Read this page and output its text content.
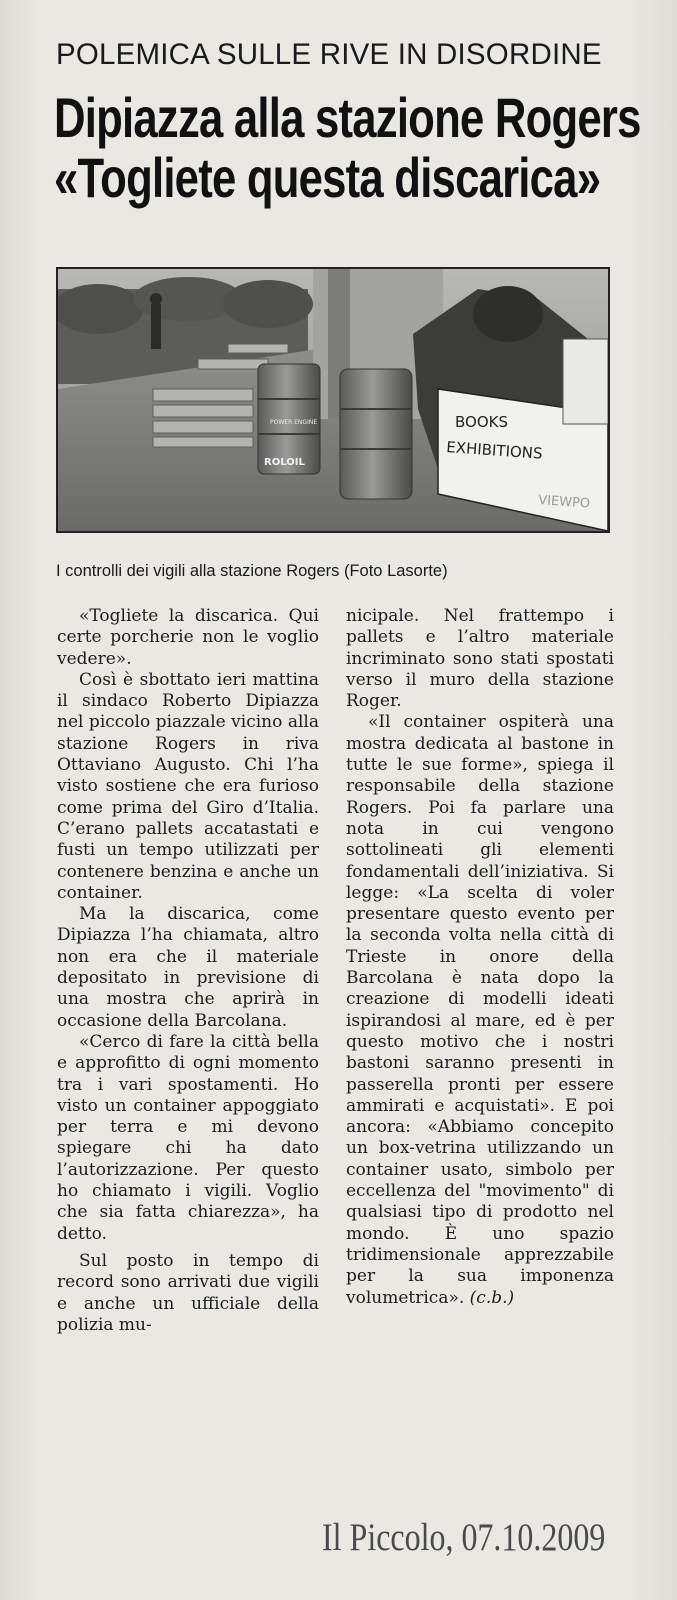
POLEMICA SULLE RIVE IN DISORDINE
Dipiazza alla stazione Rogers
«Toglietе questa discarica»
POWER ENGINE
ROLOIL
BOOKS
EXHIBITIONS
VIEWPO
I controlli dei vigili alla stazione Rogers (Foto Lasorte)

«Togliete la discarica. Qui certe porcherie non le voglio vedere».

Così è sbottato ieri mattina il sindaco Roberto Dipiazza nel piccolo piazzale vicino alla stazione Rogers in riva Ottaviano Augusto. Chi l’ha visto sostiene che era furioso come prima del Giro d’Italia. C’erano pallets accatastati e fusti un tempo utilizzati per contenere benzina e anche un container.

Ma la discarica, come Dipiazza l’ha chiamata, altro non era che il materiale depositato in previsione di una mostra che aprirà in occasione della Barcolana.

«Cerco di fare la città bella e approfitto di ogni momento tra i vari spostamenti. Ho visto un container appoggiato per terra e mi devono spiegare chi ha dato l’autorizzazione. Per questo ho chiamato i vigili. Voglio che sia fatta chiarezza», ha detto.

Sul posto in tempo di record sono arrivati due vigili e anche un ufficiale della polizia mu-

nicipale. Nel frattempo i pallets e l’altro materiale incriminato sono stati spostati verso il muro della stazione Roger.

«Il container ospiterà una mostra dedicata al bastone in tutte le sue forme», spiega il responsabile della stazione Rogers. Poi fa parlare una nota in cui vengono sottolineati gli elementi fondamentali dell’iniziativa. Si legge: «La scelta di voler presentare questo evento per la seconda volta nella città di Trieste in onore della Barcolana è nata dopo la creazione di modelli ideati ispirandosi al mare, ed è per questo motivo che i nostri bastoni saranno presenti in passerella pronti per essere ammirati e acquistati». E poi ancora: «Abbiamo concepito un box-vetrina utilizzando un container usato, simbolo per eccellenza del "movimento" di qualsiasi tipo di prodotto nel mondo. È uno spazio tridimensionale apprezzabile per la sua imponenza volumetrica». (c.b.)

Il Piccolo, 07.10.2009
